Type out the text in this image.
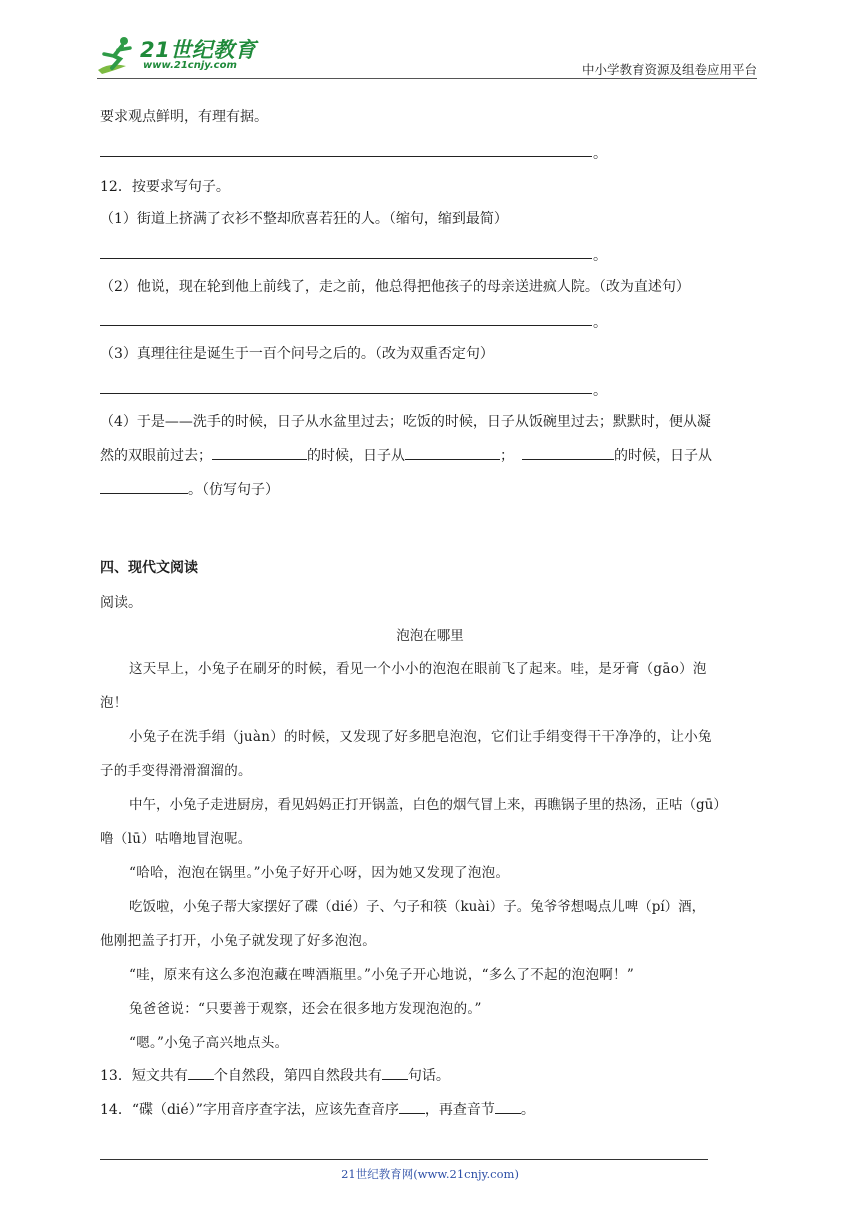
21世纪教育
www.21cnjy.com	中小学教育资源及组卷应用平台
要求观点鲜明，有理有据。
。
12．按要求写句子。
（1）街道上挤满了衣衫不整却欣喜若狂的人。（缩句，缩到最简）
。
（2）他说，现在轮到他上前线了，走之前，他总得把他孩子的母亲送进疯人院。（改为直述句）
。
（3）真理往往是诞生于一百个问号之后的。（改为双重否定句）
。
（4）于是——洗手的时候，日子从水盆里过去；吃饭的时候，日子从饭碗里过去；默默时，便从凝
然的双眼前过去；	的时候，日子从	；	的时候，日子从
。（仿写句子）
四、现代文阅读
阅读。
泡泡在哪里
这天早上，小兔子在刷牙的时候，看见一个小小的泡泡在眼前飞了起来。哇，是牙膏（gāo）泡
泡！
小兔子在洗手绢（juàn）的时候，又发现了好多肥皂泡泡，它们让手绢变得干干净净的，让小兔
子的手变得滑滑溜溜的。
中午，小兔子走进厨房，看见妈妈正打开锅盖，白色的烟气冒上来，再瞧锅子里的热汤，正咕（gū）
噜（lū）咕噜地冒泡呢。
“哈哈，泡泡在锅里。”小兔子好开心呀，因为她又发现了泡泡。
吃饭啦，小兔子帮大家摆好了碟（dié）子、勺子和筷（kuài）子。兔爷爷想喝点儿啤（pí）酒，
他刚把盖子打开，小兔子就发现了好多泡泡。
“哇，原来有这么多泡泡藏在啤酒瓶里。”小兔子开心地说，“多么了不起的泡泡啊！”
兔爸爸说：“只要善于观察，还会在很多地方发现泡泡的。”
“嗯。”小兔子高兴地点头。
13．短文共有 个自然段，第四自然段共有 句话。
14．“碟（dié）”字用音序查字法，应该先查音序 ，再查音节 。
21世纪教育网(www.21cnjy.com)
